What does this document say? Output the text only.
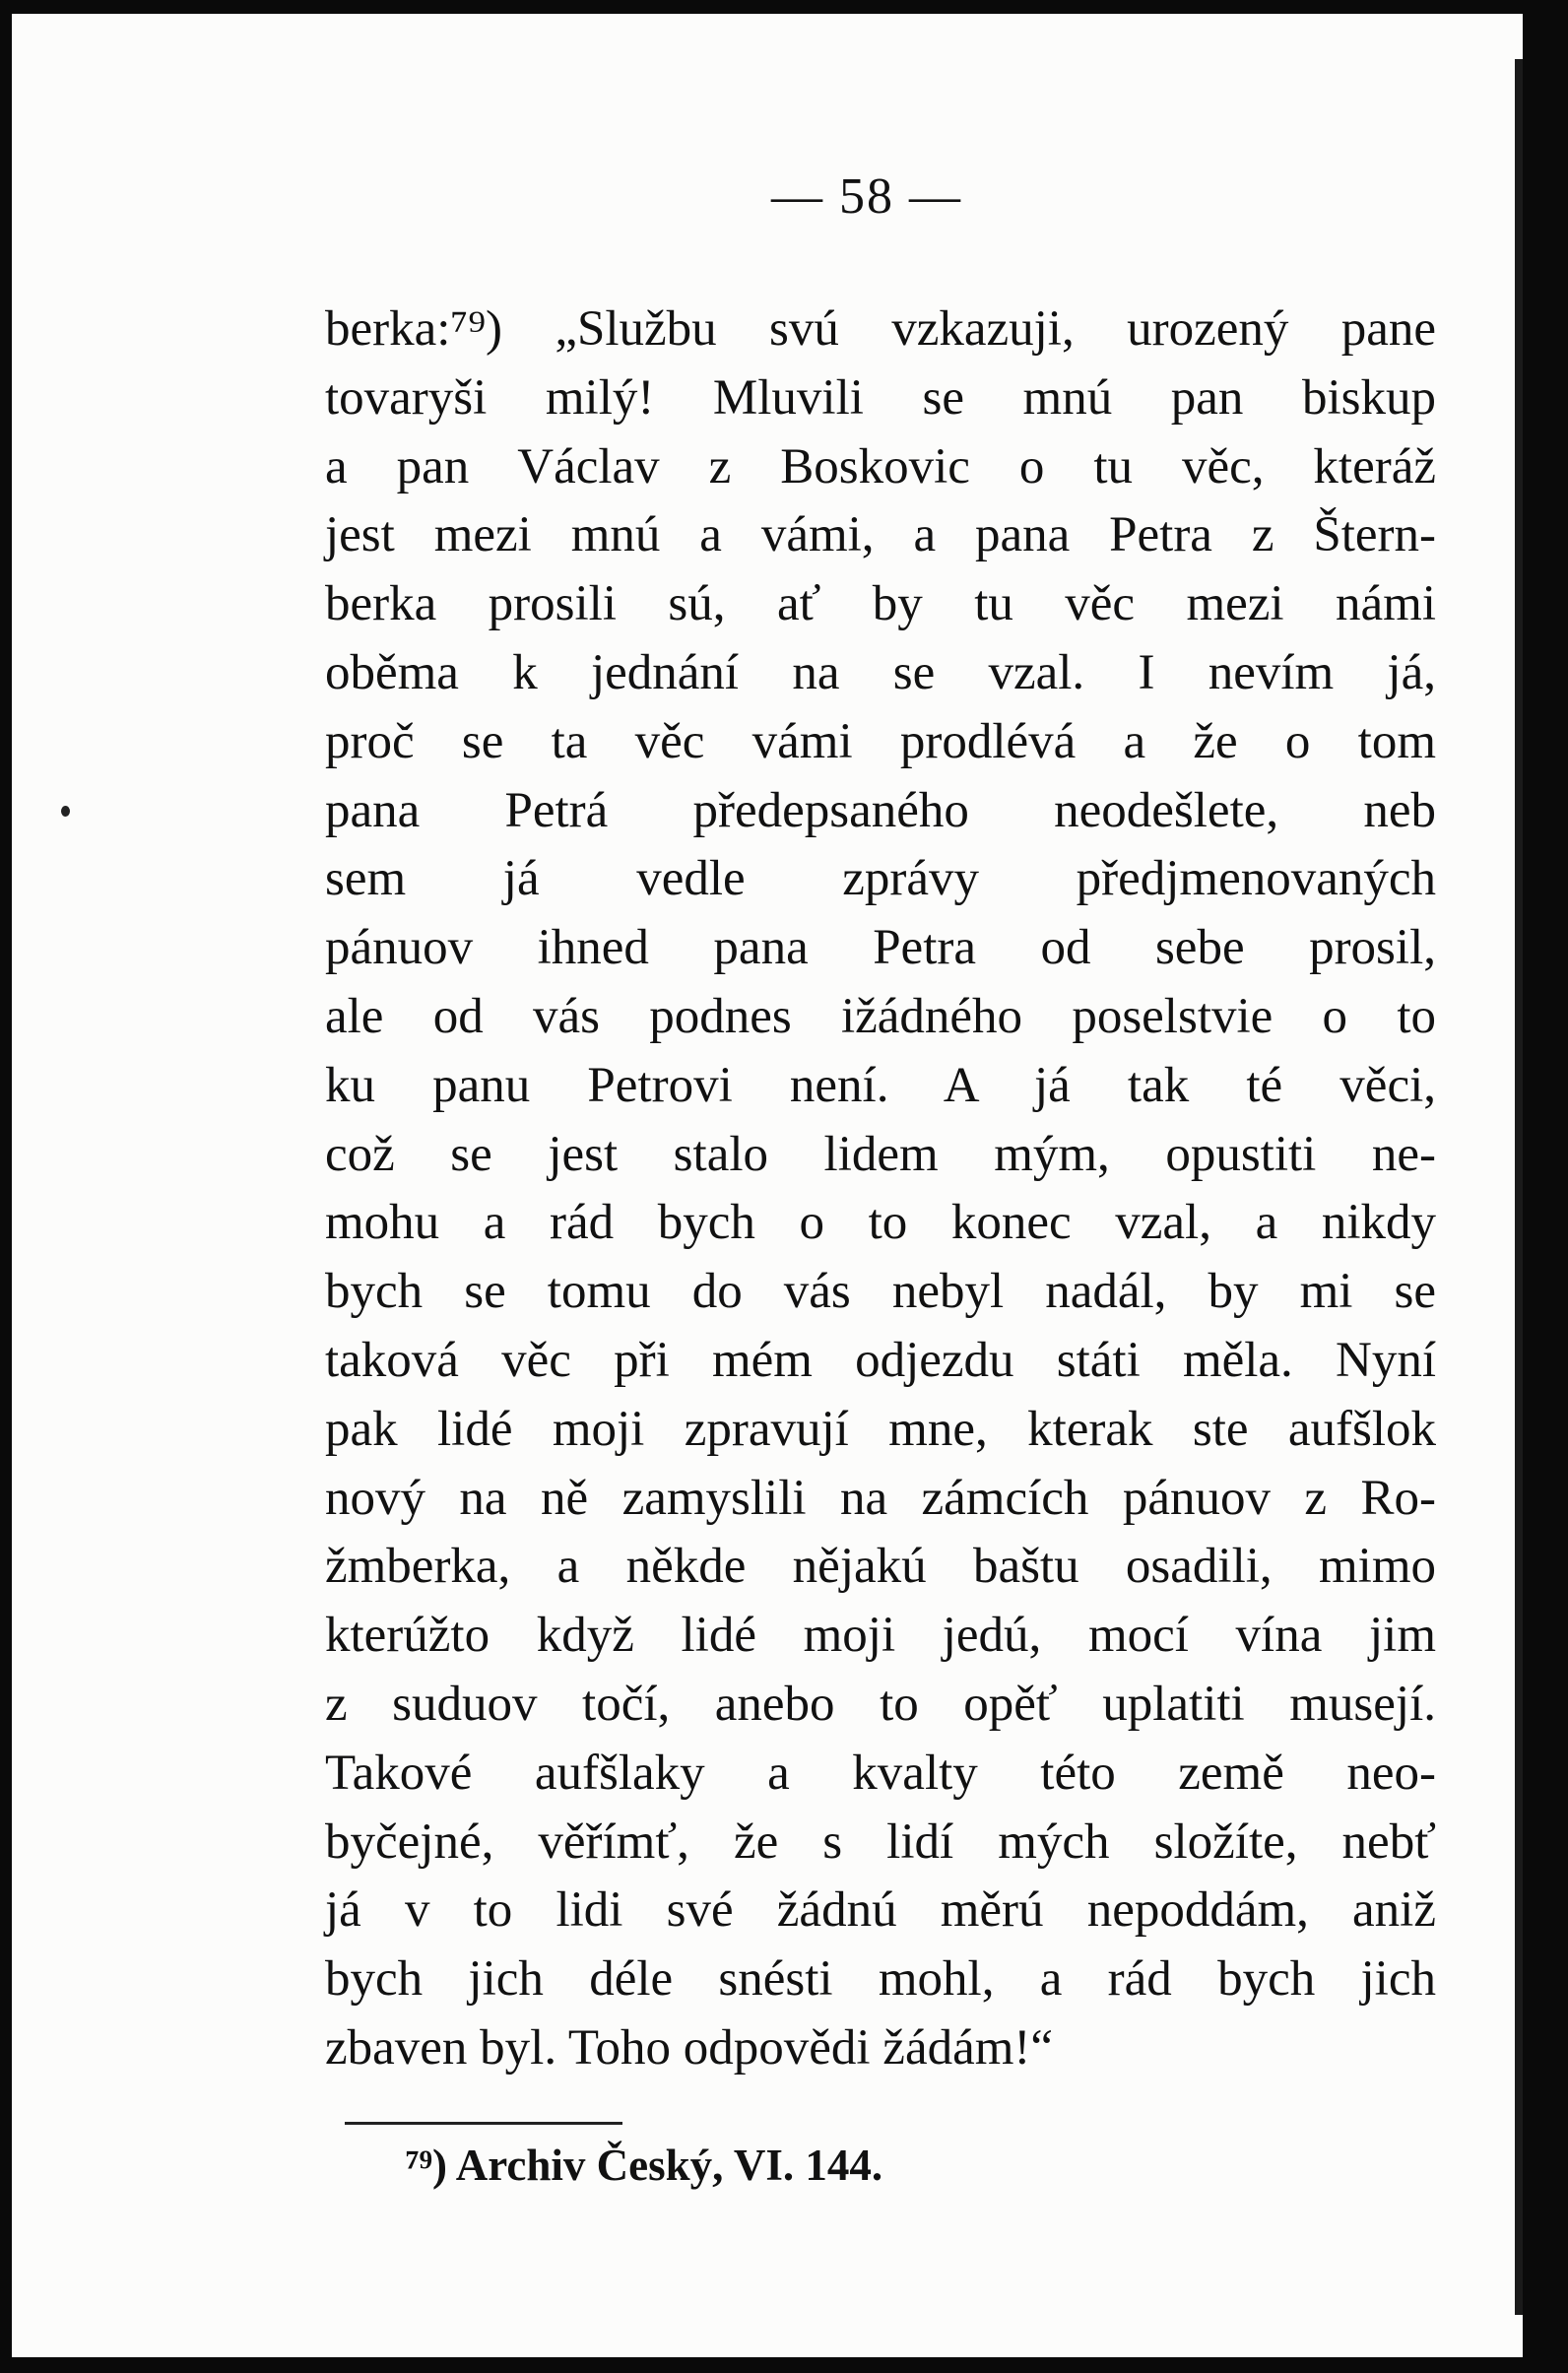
— 58 —
berka:⁷⁹) „Službu svú vzkazuji, urozený pane
tovaryši milý! Mluvili se mnú pan biskup
a pan Václav z Boskovic o tu věc, kteráž
jest mezi mnú a vámi, a pana Petra z Štern-
berka prosili sú, ať by tu věc mezi námi
oběma k jednání na se vzal. I nevím já,
proč se ta věc vámi prodlévá a že o tom
pana Petrá předepsaného neodešlete, neb
sem já vedle zprávy předjmenovaných
pánuov ihned pana Petra od sebe prosil,
ale od vás podnes ižádného poselstvie o to
ku panu Petrovi není. A já tak té věci,
což se jest stalo lidem mým, opustiti ne-
mohu a rád bych o to konec vzal, a nikdy
bych se tomu do vás nebyl nadál, by mi se
taková věc při mém odjezdu státi měla. Nyní
pak lidé moji zpravují mne, kterak ste aufšlok
nový na ně zamyslili na zámcích pánuov z Ro-
žmberka, a někde nějakú baštu osadili, mimo
kterúžto když lidé moji jedú, mocí vína jim
z suduov točí, anebo to opěť uplatiti musejí.
Takové aufšlaky a kvalty této země neo-
byčejné, věřímť, že s lidí mých složíte, nebť
já v to lidi své žádnú měrú nepoddám, aniž
bych jich déle snésti mohl, a rád bych jich
zbaven byl. Toho odpovědi žádám!“
⁷⁹) Archiv Český, VI. 144.
